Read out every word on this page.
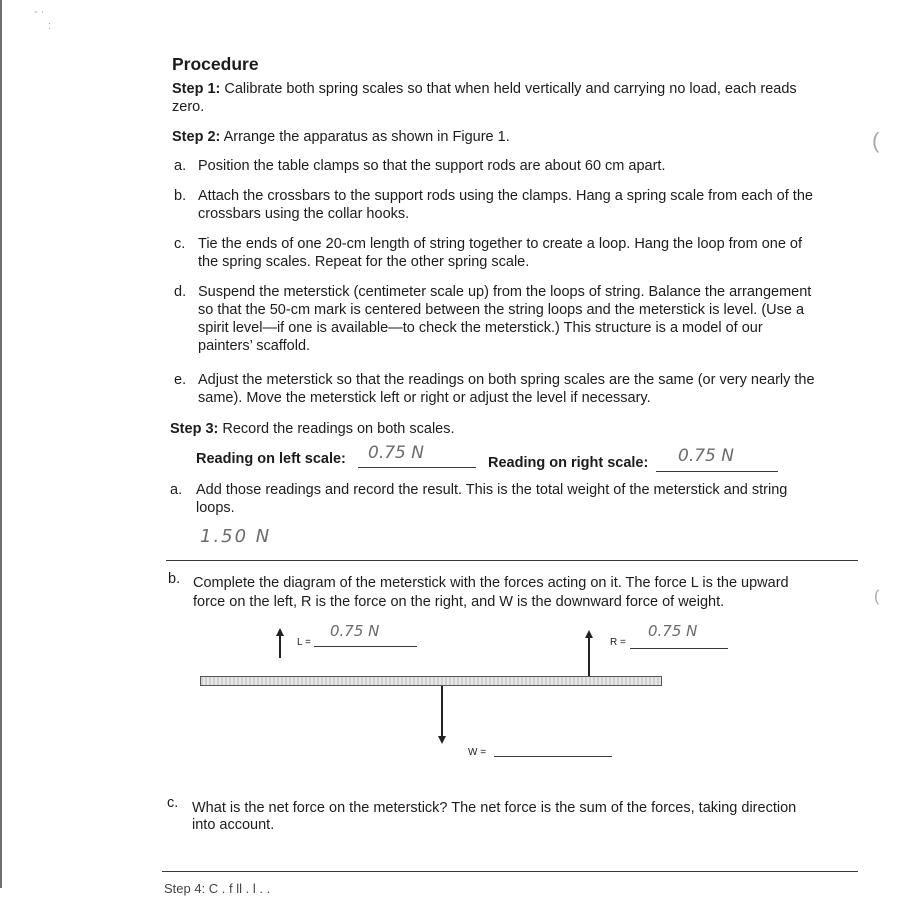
- ·
:
(
(
Procedure
Step 1: Calibrate both spring scales so that when held vertically and carrying no load, each reads
zero.
Step 2: Arrange the apparatus as shown in Figure 1.
a. Position the table clamps so that the support rods are about 60 cm apart.
b. Attach the crossbars to the support rods using the clamps. Hang a spring scale from each of the
crossbars using the collar hooks.
c. Tie the ends of one 20-cm length of string together to create a loop. Hang the loop from one of
the spring scales. Repeat for the other spring scale.
d. Suspend the meterstick (centimeter scale up) from the loops of string. Balance the arrangement
so that the 50-cm mark is centered between the string loops and the meterstick is level. (Use a
spirit level—if one is available—to check the meterstick.) This structure is a model of our
painters’ scaffold.
e. Adjust the meterstick so that the readings on both spring scales are the same (or very nearly the
same). Move the meterstick left or right or adjust the level if necessary.
Step 3: Record the readings on both scales.
Reading on left scale: 0.75 N	Reading on right scale: 0.75 N
a. Add those readings and record the result. This is the total weight of the meterstick and string
loops.
1.50 N
b. Complete the diagram of the meterstick with the forces acting on it. The force L is the upward
force on the left, R is the force on the right, and W is the downward force of weight.
L =
0.75 N
R =
0.75 N
W =
c. What is the net force on the meterstick? The net force is the sum of the forces, taking direction
into account.
Step 4: C . f ll . l . .
